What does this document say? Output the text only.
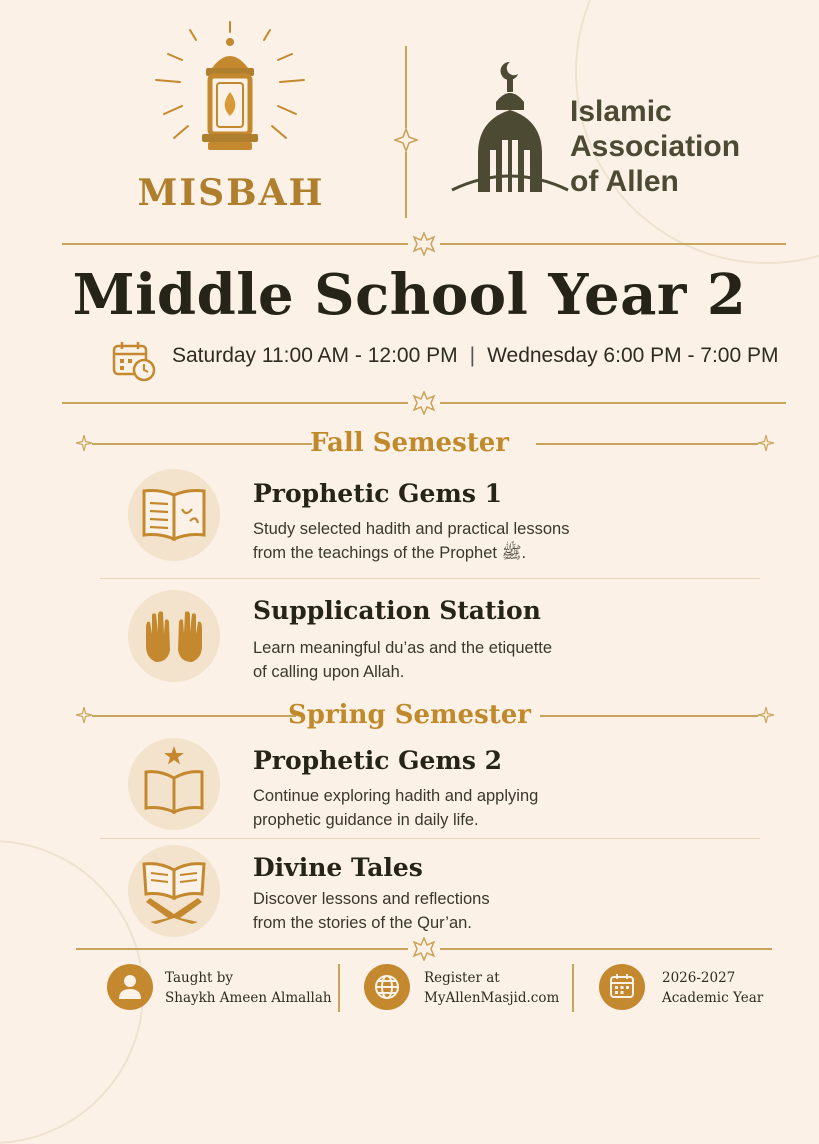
MISBAH
Islamic
Association
of Allen
Middle School Year 2
Saturday 11:00 AM - 12:00 PM | Wednesday 6:00 PM - 7:00 PM
Fall Semester
Prophetic Gems 1
Study selected hadith and practical lessons
from the teachings of the Prophet ﷺ.
Supplication Station
Learn meaningful du’as and the etiquette
of calling upon Allah.
Spring Semester
Prophetic Gems 2
Continue exploring hadith and applying
prophetic guidance in daily life.
Divine Tales
Discover lessons and reflections
from the stories of the Qur’an.
Taught by
Shaykh Ameen Almallah
Register at
MyAllenMasjid.com
2026-2027
Academic Year
